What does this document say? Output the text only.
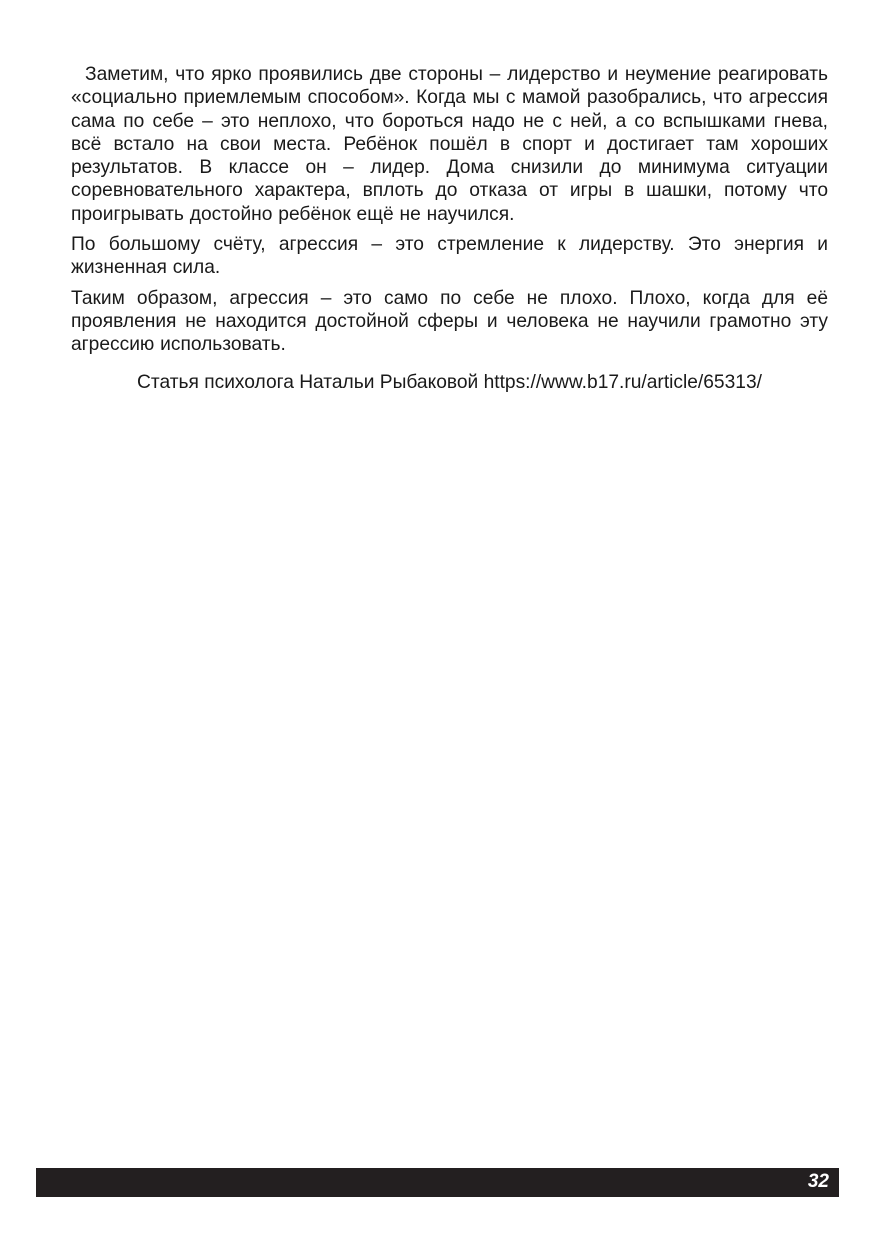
Заметим, что ярко проявились две стороны – лидерство и неумение реагировать «социально приемлемым способом». Когда мы с мамой разобрались, что агрессия сама по себе – это неплохо, что бороться надо не с ней, а со вспышками гнева, всё встало на свои места. Ребёнок пошёл в спорт и достигает там хороших результатов. В классе он – лидер. Дома снизили до минимума ситуации соревновательного характера, вплоть до отказа от игры в шашки, потому что проигрывать достойно ребёнок ещё не научился.

По большому счёту, агрессия – это стремление к лидерству. Это энергия и жизненная сила.

Таким образом, агрессия – это само по себе не плохо. Плохо, когда для её проявления не находится достойной сферы и человека не научили грамотно эту агрессию использовать.

Статья психолога Натальи Рыбаковой https://www.b17.ru/article/65313/

32
